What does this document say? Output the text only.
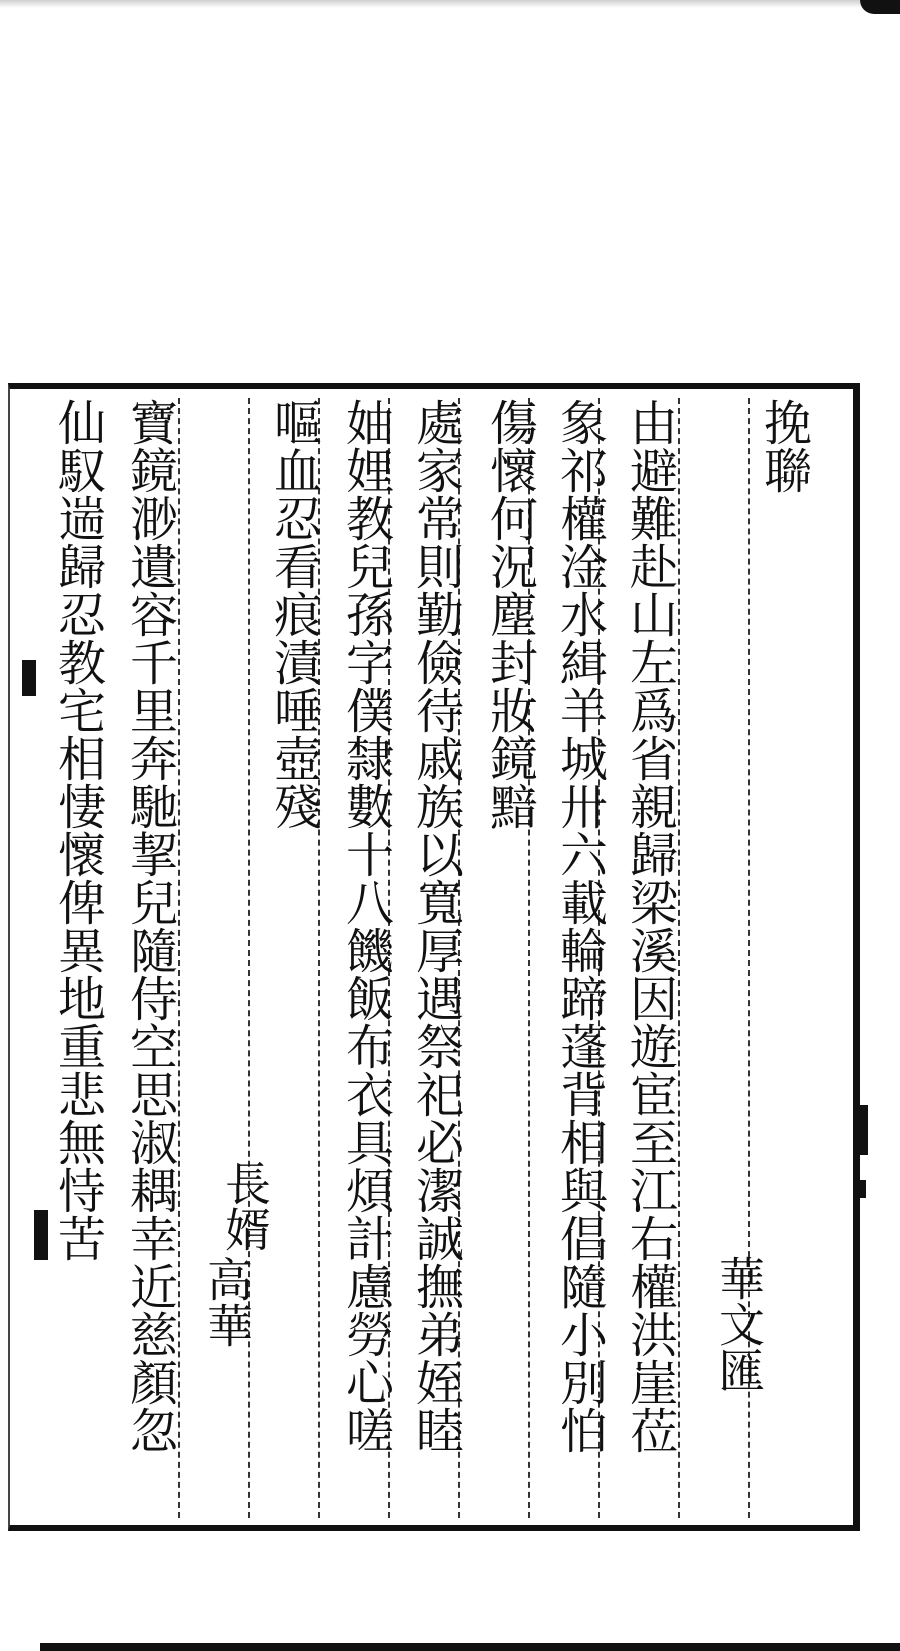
挽聯
華文匯
由避難赴山左爲省親歸梁溪因遊宦至江右權洪崖莅
象祁權淦水緝羊城卅六載輪蹄蓬背相與倡隨小別怕
傷懷何況塵封妝鏡黯
處家常則勤儉待戚族以寬厚遇祭祀必潔誠撫弟姪睦
妯娌教兒孫字僕隸數十八饑飯布衣具煩計慮勞心嗟
嘔血忍看痕漬唾壺殘
長婿
高華
寶鏡渺遺容千里奔馳挈兒隨侍空思淑耦幸近慈顏忽
仙馭遄歸忍教宅相悽懷俾異地重悲無恃苦
